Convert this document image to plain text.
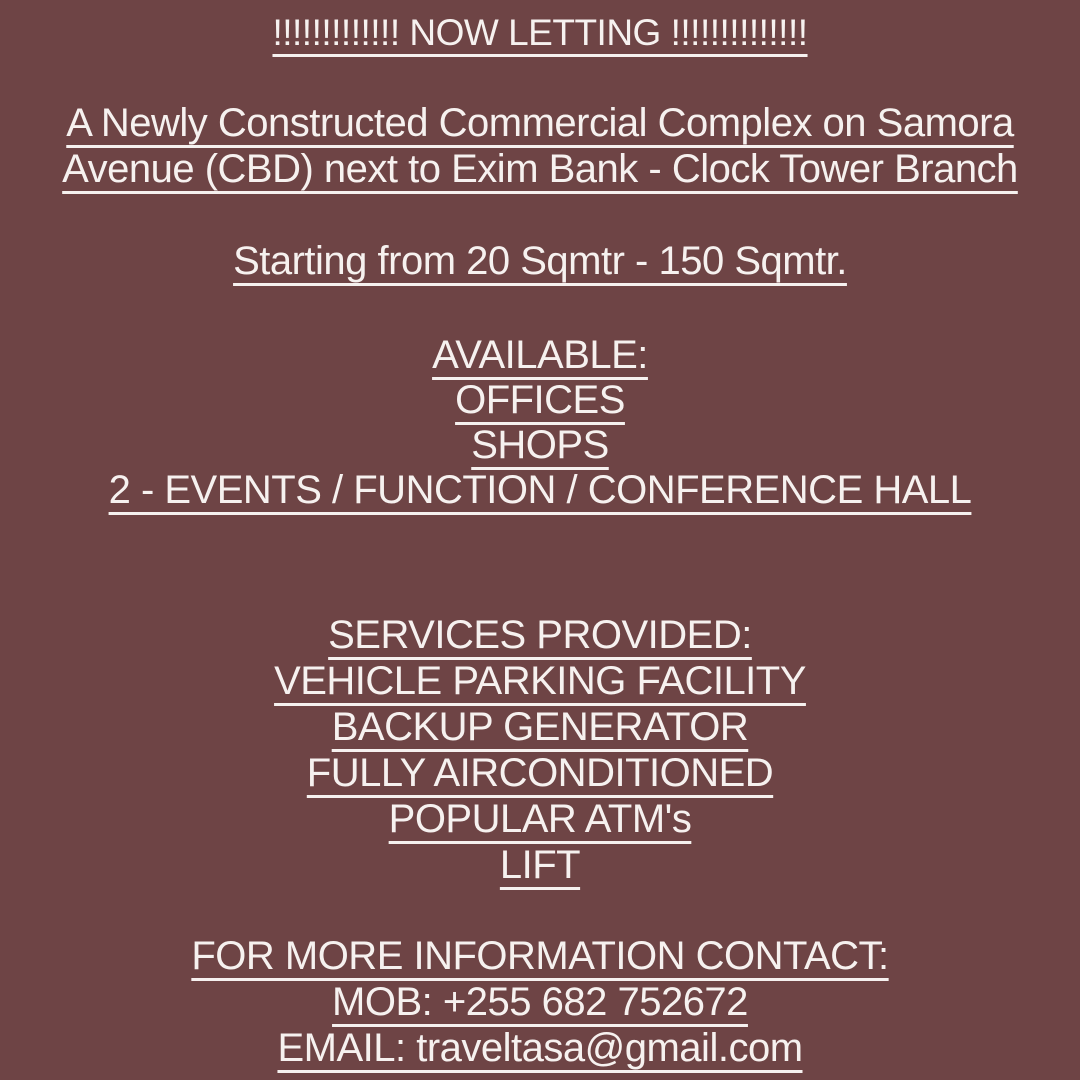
!!!!!!!!!!!!! NOW LETTING !!!!!!!!!!!!!!
A Newly Constructed Commercial Complex on Samora
Avenue (CBD) next to Exim Bank - Clock Tower Branch
Starting from 20 Sqmtr - 150 Sqmtr.
AVAILABLE:
OFFICES
SHOPS
2 - EVENTS / FUNCTION / CONFERENCE HALL
SERVICES PROVIDED:
VEHICLE PARKING FACILITY
BACKUP GENERATOR
FULLY AIRCONDITIONED
POPULAR ATM's
LIFT
FOR MORE INFORMATION CONTACT:
MOB: +255 682 752672
EMAIL: traveltasa@gmail.com
